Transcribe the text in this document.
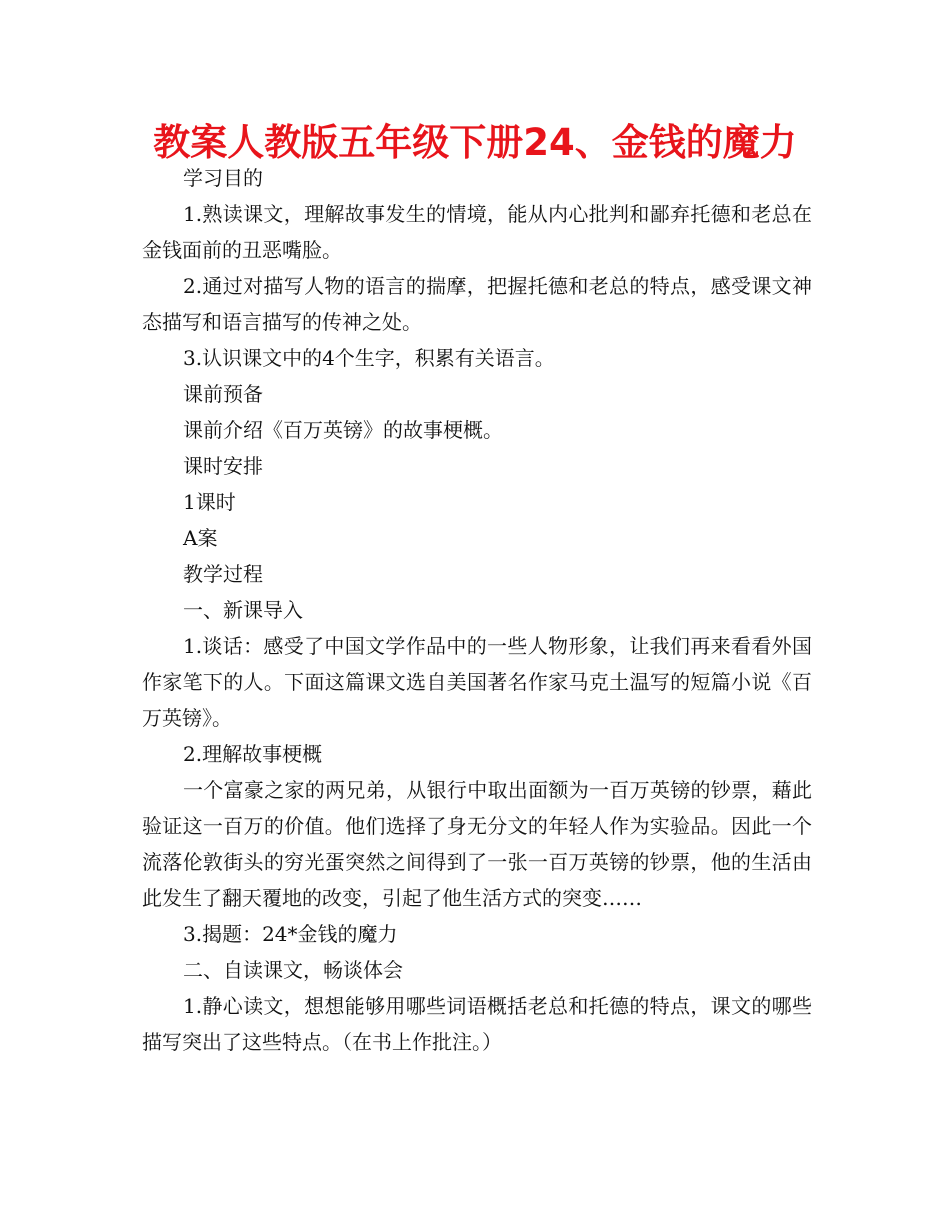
教案人教版五年级下册24、金钱的魔力

学习目的

1.熟读课文，理解故事发生的情境，能从内心批判和鄙弃托德和老总在金钱面前的丑恶嘴脸。

2.通过对描写人物的语言的揣摩，把握托德和老总的特点，感受课文神态描写和语言描写的传神之处。

3.认识课文中的4个生字，积累有关语言。

课前预备

课前介绍《百万英镑》的故事梗概。

课时安排

1课时

A案

教学过程

一、新课导入

1.谈话：感受了中国文学作品中的一些人物形象，让我们再来看看外国作家笔下的人。下面这篇课文选自美国著名作家马克土温写的短篇小说《百万英镑》。

2.理解故事梗概

一个富豪之家的两兄弟，从银行中取出面额为一百万英镑的钞票，藉此验证这一百万的价值。他们选择了身无分文的年轻人作为实验品。因此一个流落伦敦街头的穷光蛋突然之间得到了一张一百万英镑的钞票，他的生活由此发生了翻天覆地的改变，引起了他生活方式的突变……

3.揭题：24*金钱的魔力

二、自读课文，畅谈体会

1.静心读文，想想能够用哪些词语概括老总和托德的特点，课文的哪些描写突出了这些特点。（在书上作批注。）
